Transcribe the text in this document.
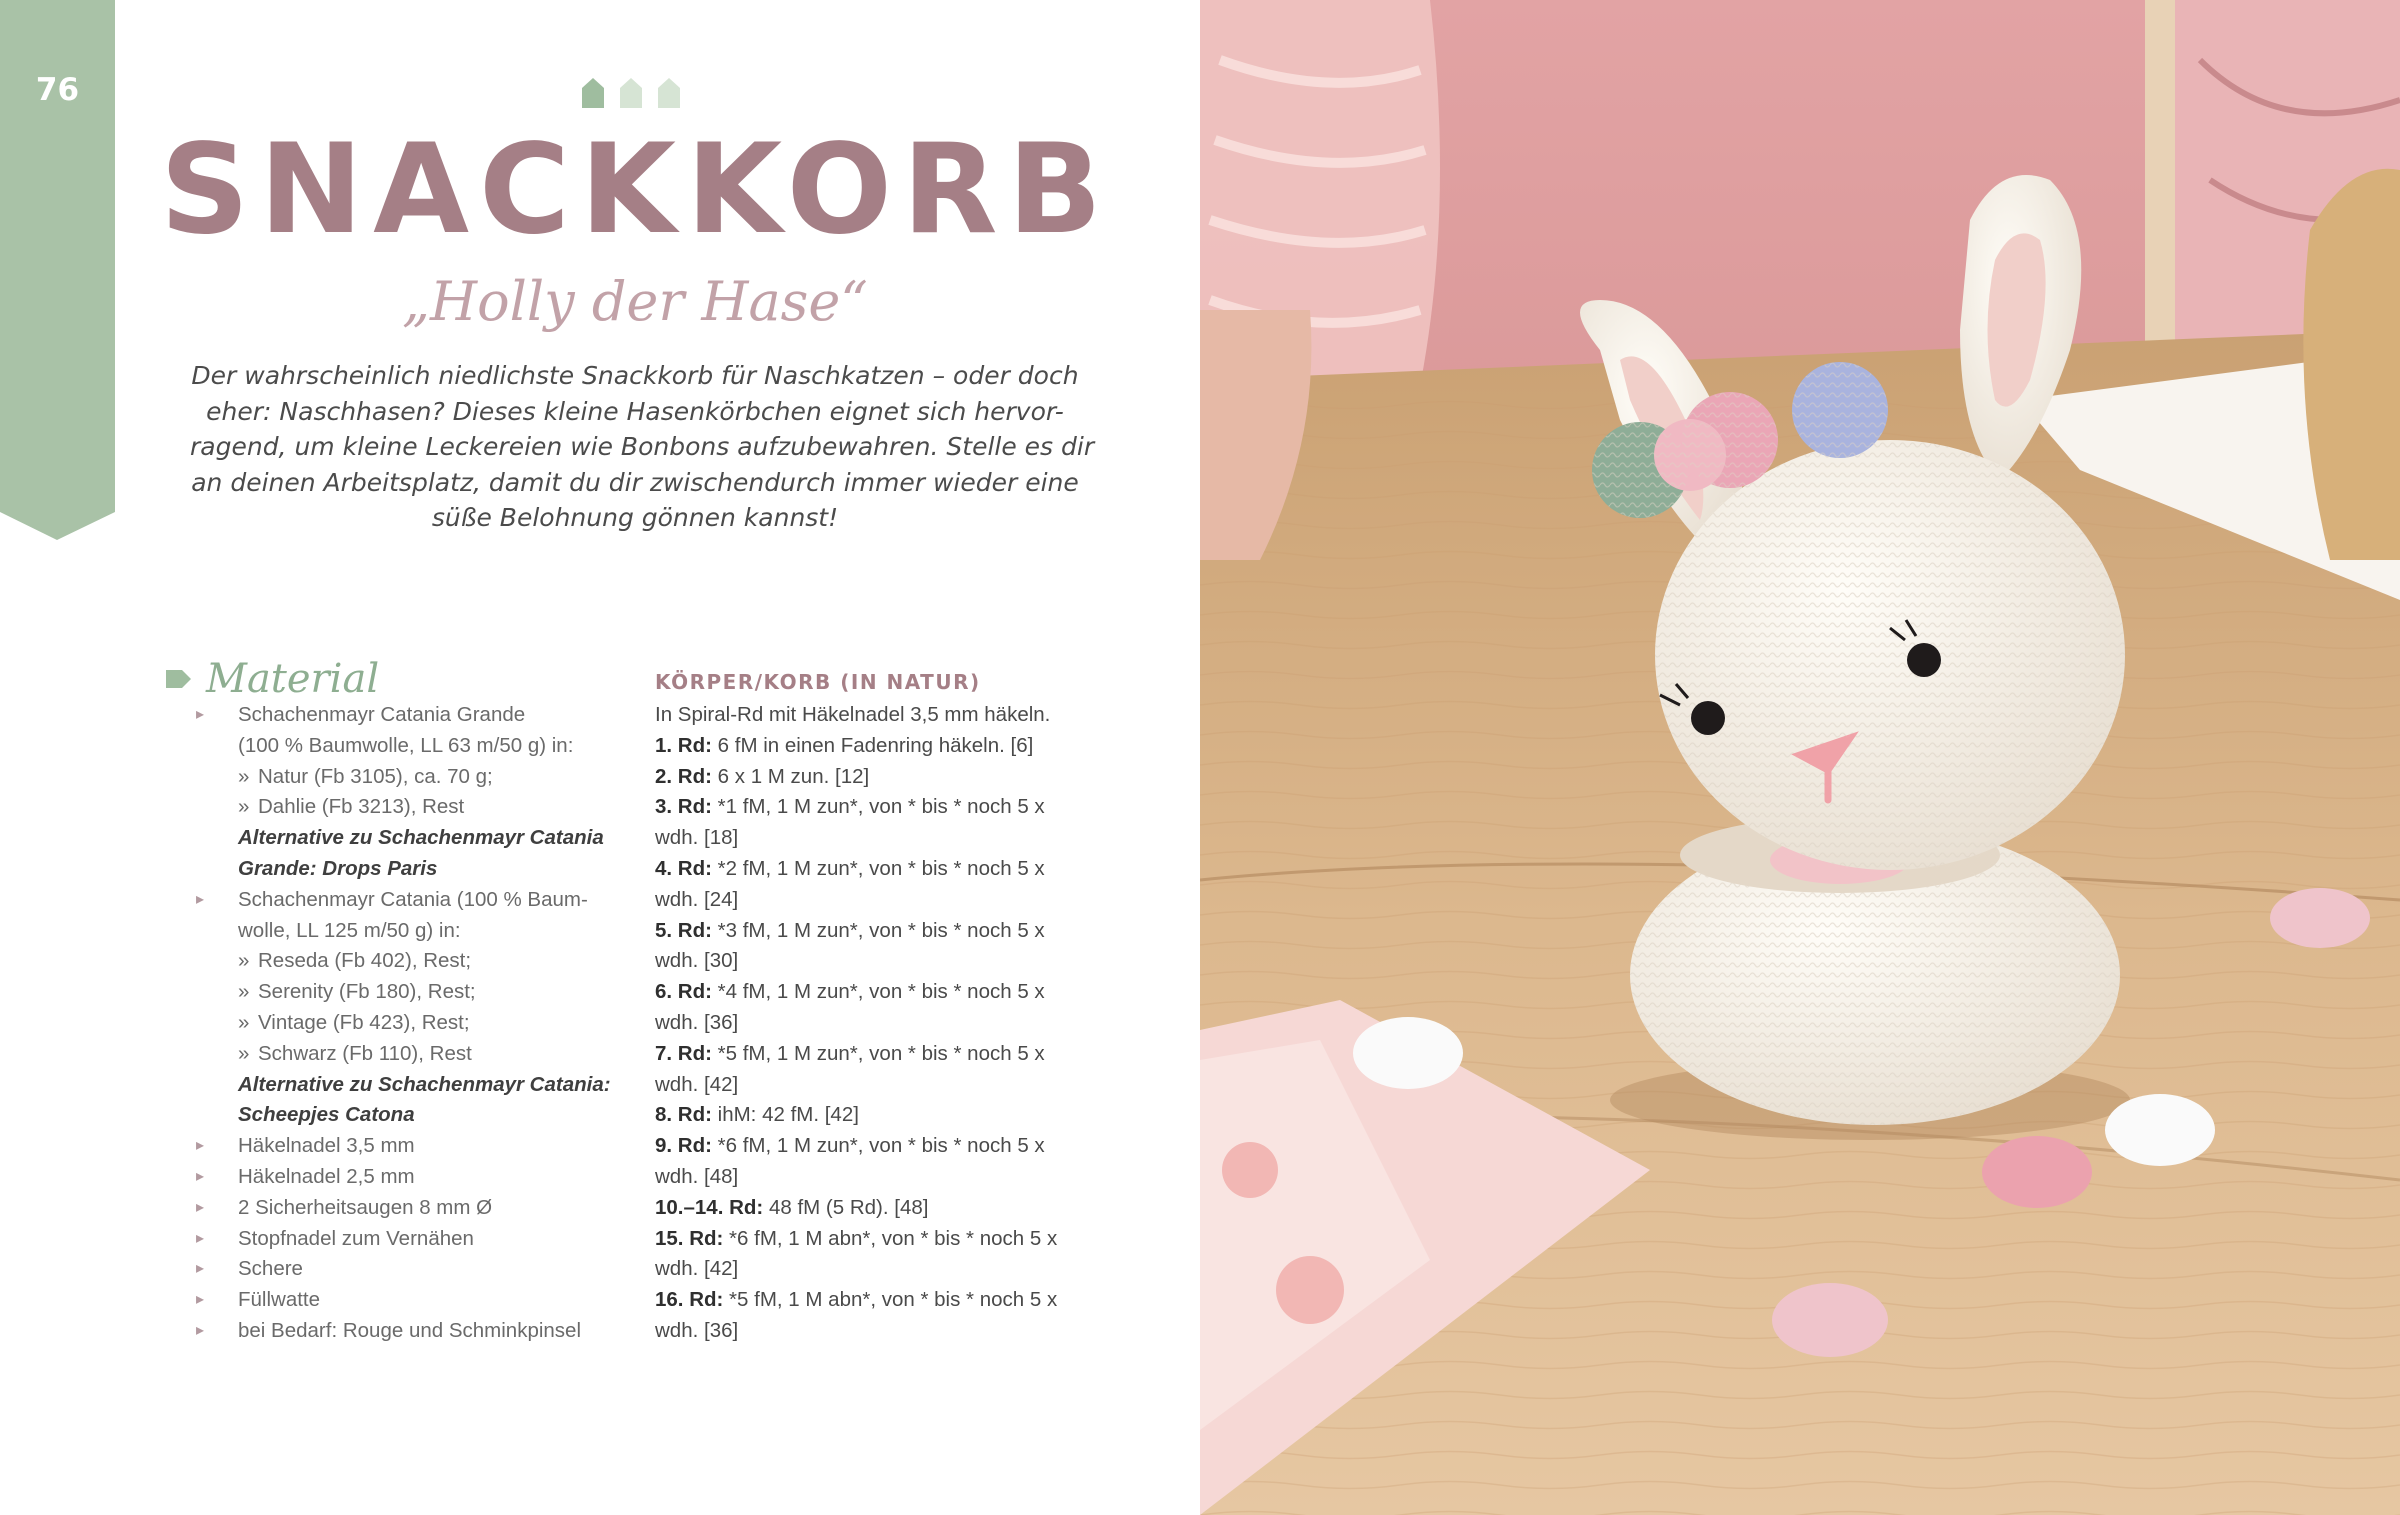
76
SNACKKORB
„Holly der Hase“
Der wahrscheinlich niedlichste Snackkorb für Naschkatzen – oder doch
eher: Naschhasen? Dieses kleine Hasenkörbchen eignet sich hervor-
ragend, um kleine Leckereien wie Bonbons aufzubewahren. Stelle es dir
an deinen Arbeitsplatz, damit du dir zwischendurch immer wieder eine
süße Belohnung gönnen kannst!
Material
▸ Schachenmayr Catania Grande
(100 % Baumwolle, LL 63 m/50 g) in:
» Natur (Fb 3105), ca. 70 g;
» Dahlie (Fb 3213), Rest
Alternative zu Schachenmayr Catania
Grande: Drops Paris
▸ Schachenmayr Catania (100 % Baum-
wolle, LL 125 m/50 g) in:
» Reseda (Fb 402), Rest;
» Serenity (Fb 180), Rest;
» Vintage (Fb 423), Rest;
» Schwarz (Fb 110), Rest
Alternative zu Schachenmayr Catania:
Scheepjes Catona
▸ Häkelnadel 3,5 mm
▸ Häkelnadel 2,5 mm
▸ 2 Sicherheitsaugen 8 mm Ø
▸ Stopfnadel zum Vernähen
▸ Schere
▸ Füllwatte
▸ bei Bedarf: Rouge und Schminkpinsel
KÖRPER/KORB (IN NATUR)
In Spiral-Rd mit Häkelnadel 3,5 mm häkeln.
1. Rd: 6 fM in einen Fadenring häkeln. [6]
2. Rd: 6 x 1 M zun. [12]
3. Rd: *1 fM, 1 M zun*, von * bis * noch 5 x
wdh. [18]
4. Rd: *2 fM, 1 M zun*, von * bis * noch 5 x
wdh. [24]
5. Rd: *3 fM, 1 M zun*, von * bis * noch 5 x
wdh. [30]
6. Rd: *4 fM, 1 M zun*, von * bis * noch 5 x
wdh. [36]
7. Rd: *5 fM, 1 M zun*, von * bis * noch 5 x
wdh. [42]
8. Rd: ihM: 42 fM. [42]
9. Rd: *6 fM, 1 M zun*, von * bis * noch 5 x
wdh. [48]
10.–14. Rd: 48 fM (5 Rd). [48]
15. Rd: *6 fM, 1 M abn*, von * bis * noch 5 x
wdh. [42]
16. Rd: *5 fM, 1 M abn*, von * bis * noch 5 x
wdh. [36]
